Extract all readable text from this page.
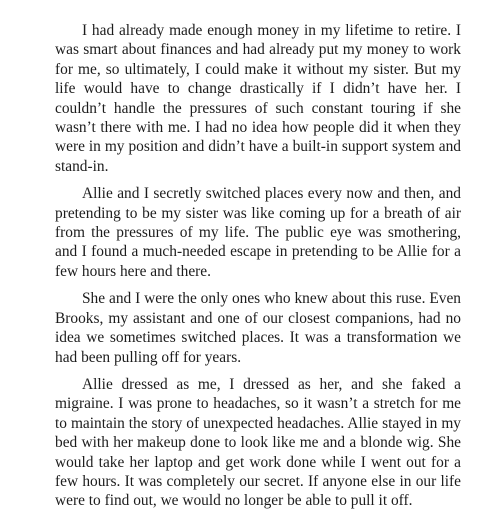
I had already made enough money in my lifetime to retire. I was smart about finances and had already put my money to work for me, so ultimately, I could make it without my sister. But my life would have to change drastically if I didn’t have her. I couldn’t handle the pressures of such constant touring if she wasn’t there with me. I had no idea how people did it when they were in my position and didn’t have a built-in support system and stand-in.

Allie and I secretly switched places every now and then, and pretending to be my sister was like coming up for a breath of air from the pressures of my life. The public eye was smothering, and I found a much-needed escape in pretending to be Allie for a few hours here and there.

She and I were the only ones who knew about this ruse. Even Brooks, my assistant and one of our closest companions, had no idea we sometimes switched places. It was a transformation we had been pulling off for years.

Allie dressed as me, I dressed as her, and she faked a migraine. I was prone to headaches, so it wasn’t a stretch for me to maintain the story of unexpected headaches. Allie stayed in my bed with her makeup done to look like me and a blonde wig. She would take her laptop and get work done while I went out for a few hours. It was completely our secret. If anyone else in our life were to find out, we would no longer be able to pull it off.
